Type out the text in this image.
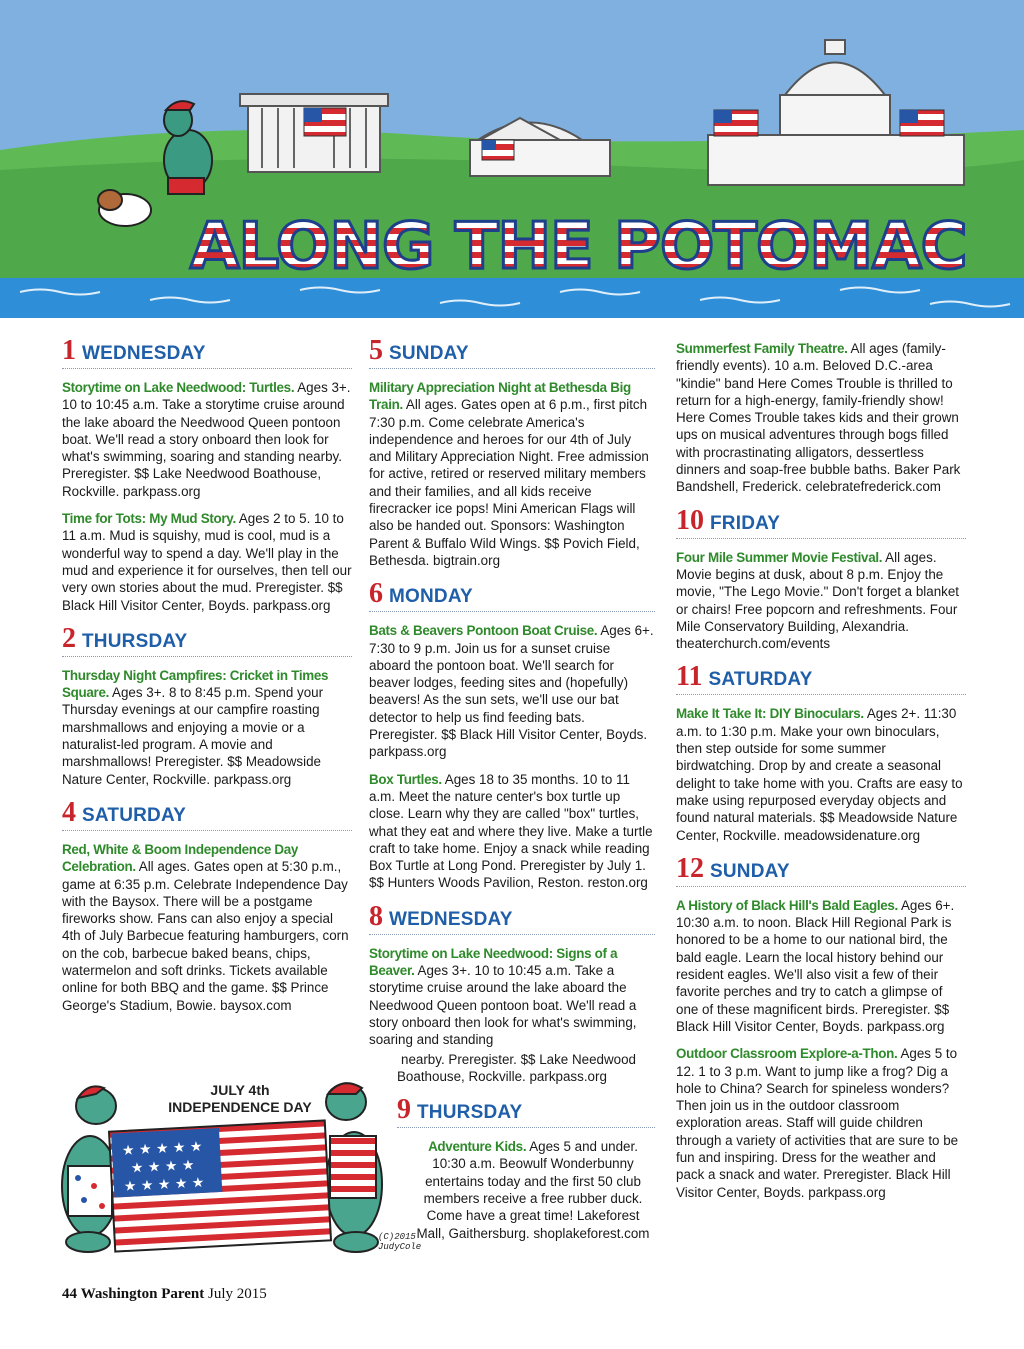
ALONG THE POTOMAC
1 WEDNESDAY

Storytime on Lake Needwood: Turtles. Ages 3+. 10 to 10:45 a.m. Take a storytime cruise around the lake aboard the Needwood Queen pontoon boat. We'll read a story onboard then look for what's swimming, soaring and standing nearby. Preregister. $$ Lake Needwood Boathouse, Rockville. parkpass.org

Time for Tots: My Mud Story. Ages 2 to 5. 10 to 11 a.m. Mud is squishy, mud is cool, mud is a wonderful way to spend a day. We'll play in the mud and experience it for ourselves, then tell our very own stories about the mud. Preregister. $$ Black Hill Visitor Center, Boyds. parkpass.org

2 THURSDAY

Thursday Night Campfires: Cricket in Times Square. Ages 3+. 8 to 8:45 p.m. Spend your Thursday evenings at our campfire roasting marshmallows and enjoying a movie or a naturalist-led program. A movie and marshmallows! Preregister. $$ Meadowside Nature Center, Rockville. parkpass.org

4 SATURDAY

Red, White & Boom Independence Day Celebration. All ages. Gates open at 5:30 p.m., game at 6:35 p.m. Celebrate Independence Day with the Baysox. There will be a postgame fireworks show. Fans can also enjoy a special 4th of July Barbecue featuring hamburgers, corn on the cob, barbecue baked beans, chips, watermelon and soft drinks. Tickets available online for both BBQ and the game. $$ Prince George's Stadium, Bowie. baysox.com

5 SUNDAY

Military Appreciation Night at Bethesda Big Train. All ages. Gates open at 6 p.m., first pitch 7:30 p.m. Come celebrate America's independence and heroes for our 4th of July and Military Appreciation Night. Free admission for active, retired or reserved military members and their families, and all kids receive firecracker ice pops! Mini American Flags will also be handed out. Sponsors: Washington Parent & Buffalo Wild Wings. $$ Povich Field, Bethesda. bigtrain.org

6 MONDAY

Bats & Beavers Pontoon Boat Cruise. Ages 6+. 7:30 to 9 p.m. Join us for a sunset cruise aboard the pontoon boat. We'll search for beaver lodges, feeding sites and (hopefully) beavers! As the sun sets, we'll use our bat detector to help us find feeding bats. Preregister. $$ Black Hill Visitor Center, Boyds. parkpass.org

Box Turtles. Ages 18 to 35 months. 10 to 11 a.m. Meet the nature center's box turtle up close. Learn why they are called "box" turtles, what they eat and where they live. Make a turtle craft to take home. Enjoy a snack while reading Box Turtle at Long Pond. Preregister by July 1. $$ Hunters Woods Pavilion, Reston. reston.org

8 WEDNESDAY

Storytime on Lake Needwood: Signs of a Beaver. Ages 3+. 10 to 10:45 a.m. Take a storytime cruise around the lake aboard the Needwood Queen pontoon boat. We'll read a story onboard then look for what's swimming, soaring and standing

nearby. Preregister. $$ Lake Needwood
Boathouse, Rockville. parkpass.org
9 THURSDAY

Adventure Kids. Ages 5 and under. 10:30 a.m. Beowulf Wonderbunny entertains today and the first 50 club members receive a free rubber duck. Come have a great time! Lakeforest Mall, Gaithersburg. shoplakeforest.com

Summerfest Family Theatre. All ages (family-friendly events). 10 a.m. Beloved D.C.-area "kindie" band Here Comes Trouble is thrilled to return for a high-energy, family-friendly show! Here Comes Trouble takes kids and their grown ups on musical adventures through bogs filled with procrastinating alligators, dessertless dinners and soap-free bubble baths. Baker Park Bandshell, Frederick. celebratefrederick.com

10 FRIDAY

Four Mile Summer Movie Festival. All ages. Movie begins at dusk, about 8 p.m. Enjoy the movie, "The Lego Movie." Don't forget a blanket or chairs! Free popcorn and refreshments. Four Mile Conservatory Building, Alexandria. theaterchurch.com/events

11 SATURDAY

Make It Take It: DIY Binoculars. Ages 2+. 11:30 a.m. to 1:30 p.m. Make your own binoculars, then step outside for some summer birdwatching. Drop by and create a seasonal delight to take home with you. Crafts are easy to make using repurposed everyday objects and found natural materials. $$ Meadowside Nature Center, Rockville. meadowsidenature.org

12 SUNDAY

A History of Black Hill's Bald Eagles. Ages 6+. 10:30 a.m. to noon. Black Hill Regional Park is honored to be a home to our national bird, the bald eagle. Learn the local history behind our resident eagles. We'll also visit a few of their favorite perches and try to catch a glimpse of one of these magnificent birds. Preregister. $$ Black Hill Visitor Center, Boyds. parkpass.org

Outdoor Classroom Explore-a-Thon. Ages 5 to 12. 1 to 3 p.m. Want to jump like a frog? Dig a hole to China? Search for spineless wonders? Then join us in the outdoor classroom exploration areas. Staff will guide children through a variety of activities that are sure to be fun and inspiring. Dress for the weather and pack a snack and water. Preregister. Black Hill Visitor Center, Boyds. parkpass.org

★ ★ ★ ★ ★
★ ★ ★ ★
★ ★ ★ ★ ★
JULY 4th
INDEPENDENCE DAY
(C)2015
JudyCole
44 Washington Parent July 2015
